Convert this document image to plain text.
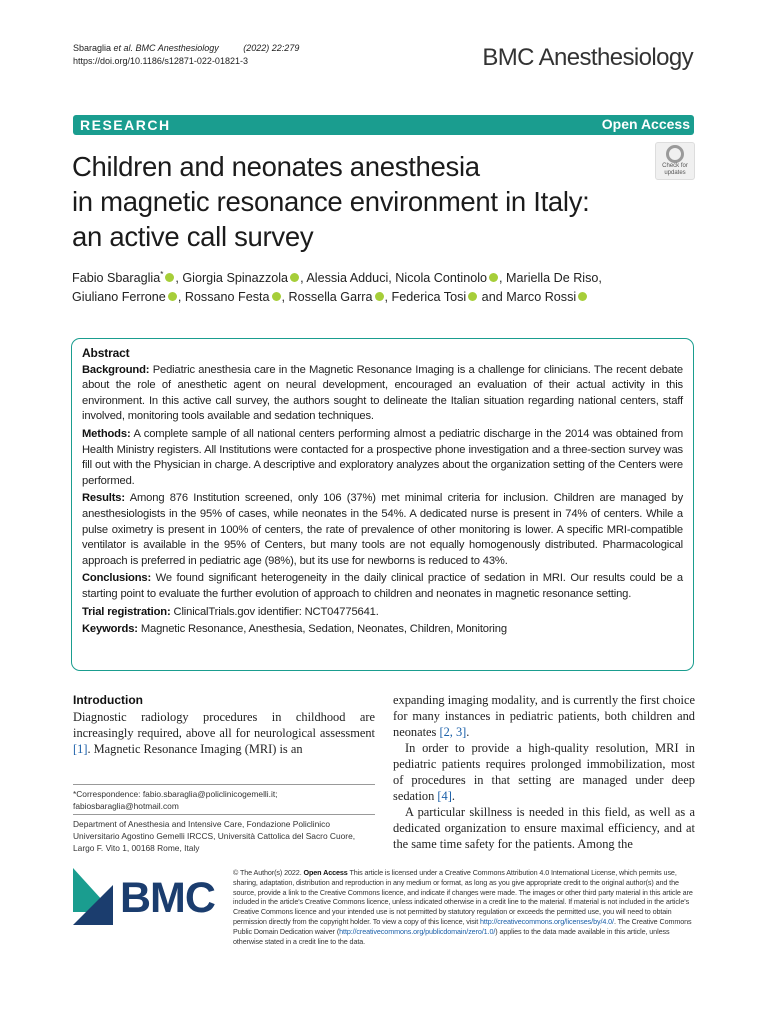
Sbaraglia et al. BMC Anesthesiology	(2022) 22:279
https://doi.org/10.1186/s12871-022-01821-3	BMC Anesthesiology
RESEARCH	Open Access
Check for
updates
Children and neonates anesthesia
in magnetic resonance environment in Italy:
an active call survey
Fabio Sbaraglia* , Giorgia Spinazzola , Alessia Adduci, Nicola Continolo , Mariella De Riso,
Giuliano Ferrone , Rossano Festa , Rossella Garra , Federica Tosi and Marco Rossi
Abstract

Background: Pediatric anesthesia care in the Magnetic Resonance Imaging is a challenge for clinicians. The recent debate about the role of anesthetic agent on neural development, encouraged an evaluation of their actual activity in this environment. In this active call survey, the authors sought to delineate the Italian situation regarding national centers, staff involved, monitoring tools available and sedation techniques.

Methods: A complete sample of all national centers performing almost a pediatric discharge in the 2014 was obtained from Health Ministry registers. All Institutions were contacted for a prospective phone investigation and a three-section survey was fill out with the Physician in charge. A descriptive and exploratory analyzes about the organization setting of the Centers were performed.

Results: Among 876 Institution screened, only 106 (37%) met minimal criteria for inclusion. Children are managed by anesthesiologists in the 95% of cases, while neonates in the 54%. A dedicated nurse is present in 74% of centers. While a pulse oximetry is present in 100% of centers, the rate of prevalence of other monitoring is lower. A specific MRI-compatible ventilator is available in the 95% of Centers, but many tools are not equally homogenously distributed. Pharmacological approach is preferred in pediatric age (98%), but its use for newborns is reduced to 43%.

Conclusions: We found significant heterogeneity in the daily clinical practice of sedation in MRI. Our results could be a starting point to evaluate the further evolution of approach to children and neonates in magnetic resonance setting.

Trial registration: ClinicalTrials.gov identifier: NCT04775641.

Keywords: Magnetic Resonance, Anesthesia, Sedation, Neonates, Children, Monitoring

Introduction

Diagnostic radiology procedures in childhood are increasingly required, above all for neurological assessment [1]. Magnetic Resonance Imaging (MRI) is an

*Correspondence: fabio.sbaraglia@policlinicogemelli.it; fabiosbaraglia@hotmail.com
Department of Anesthesia and Intensive Care, Fondazione Policlinico Universitario Agostino Gemelli IRCCS, Università Cattolica del Sacro Cuore, Largo F. Vito 1, 00168 Rome, Italy

expanding imaging modality, and is currently the first choice for many instances in pediatric patients, both children and neonates [2, 3].

In order to provide a high-quality resolution, MRI in pediatric patients requires prolonged immobilization, most of procedures in that setting are managed under deep sedation [4].

A particular skillness is needed in this field, as well as a dedicated organization to ensure maximal efficiency, and at the same time safety for the patients. Among the

BMC
© The Author(s) 2022. Open Access This article is licensed under a Creative Commons Attribution 4.0 International License, which permits use, sharing, adaptation, distribution and reproduction in any medium or format, as long as you give appropriate credit to the original author(s) and the source, provide a link to the Creative Commons licence, and indicate if changes were made. The images or other third party material in this article are included in the article's Creative Commons licence, unless indicated otherwise in a credit line to the material. If material is not included in the article's Creative Commons licence and your intended use is not permitted by statutory regulation or exceeds the permitted use, you will need to obtain permission directly from the copyright holder. To view a copy of this licence, visit http://creativecommons.org/licenses/by/4.0/. The Creative Commons Public Domain Dedication waiver (http://creativecommons.org/publicdomain/zero/1.0/) applies to the data made available in this article, unless otherwise stated in a credit line to the data.
